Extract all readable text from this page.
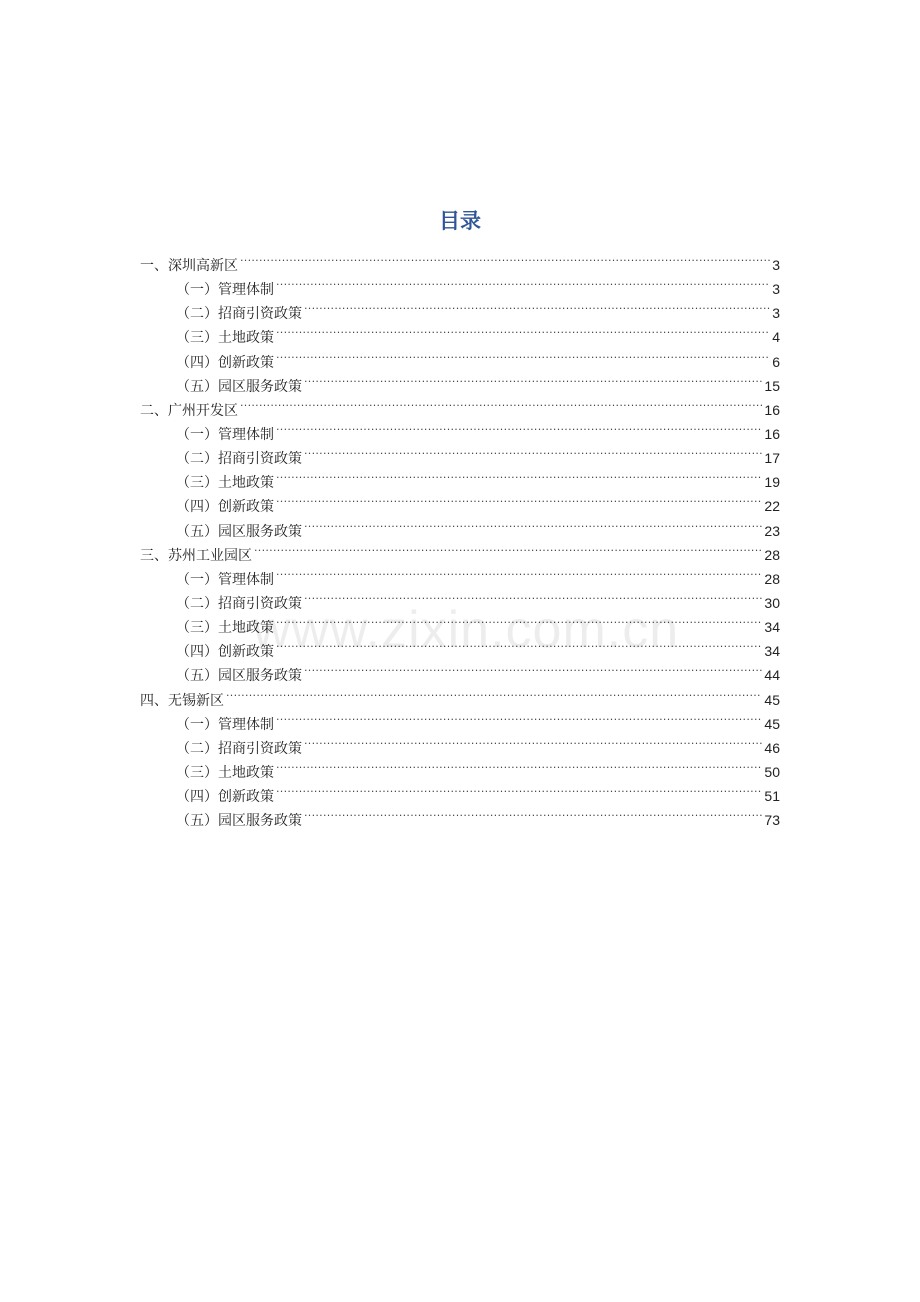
目录
一、深圳高新区 . . .	3
（一）管理体制 . . .	3
（二）招商引资政策 . . .	3
（三）土地政策 . . .	4
（四）创新政策 . . .	6
（五）园区服务政策 . . .	15
二、广州开发区 . . .	16
（一）管理体制 . . .	16
（二）招商引资政策 . . .	17
（三）土地政策 . . .	19
（四）创新政策 . . .	22
（五）园区服务政策 . . .	23
三、苏州工业园区 . . .	28
（一）管理体制 . . .	28
（二）招商引资政策 . . .	30
（三）土地政策 . . .	34
（四）创新政策 . . .	34
（五）园区服务政策 . . .	44
四、无锡新区 . . .	45
（一）管理体制 . . .	45
（二）招商引资政策 . . .	46
（三）土地政策 . . .	50
（四）创新政策 . . .	51
（五）园区服务政策 . . .	73
www.zixin.com.cn
